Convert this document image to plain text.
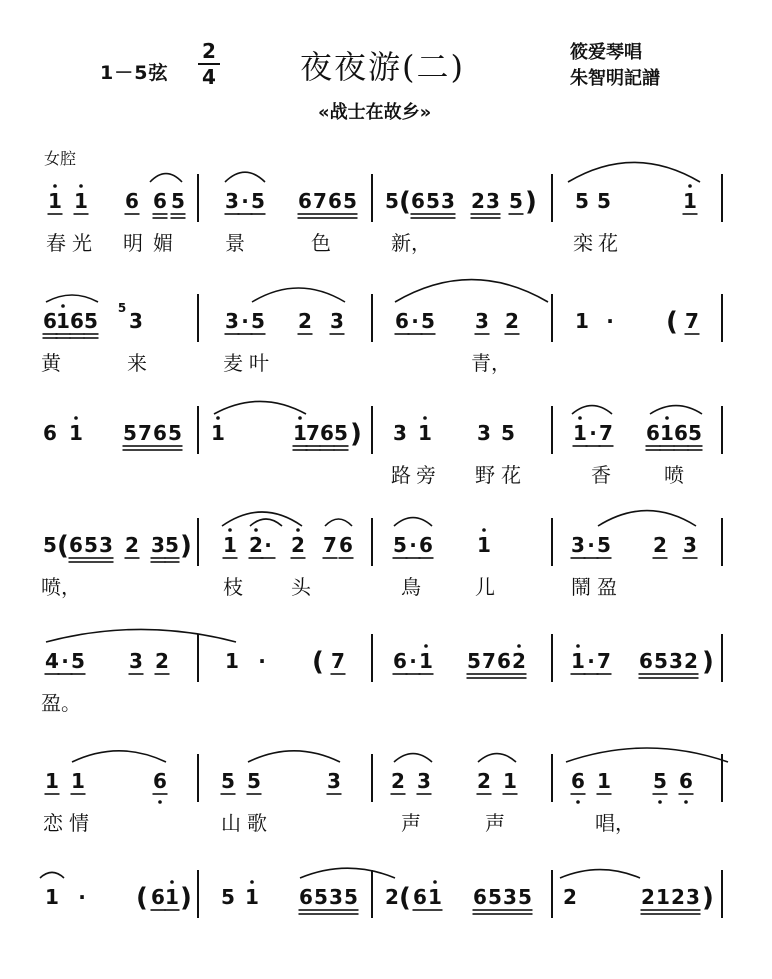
1－5弦
2
4	夜夜游(二)	筱爱琴唱
朱智明記譜
«战士在故乡»
女腔
1 1 6 6 5 3 · 5 6 7 6 5 5 ( 6 5 3 2 3 5 ) 5 5	1
春 光 明 媚	景	色	新，	栾 花
6 1 6 5
5
3	3 · 5 2 3	6 · 5 3 2	1 · ( 7
黄	来	麦 叶	青，
6 1 5 7 6 5 1	1 7 6 5 ) 3 1 3 5	1 · 7 6 1 6 5
路 旁 野 花	香	喷
5 ( 6 5 3 2 3 5 ) 1 2 · 2 7 6 5 · 6 1	3 · 5 2 3
喷，	枝 头	鳥	儿	鬧 盈
4 · 5 3 2	1 · ( 7 6 · 1 5 7 6 2 1 · 7 6 5 3 2 )
盈。
1 1	6	5 5	3	2 3 2 1	6 1 5 6
恋 情	山 歌	声	声	唱，
1 · ( 6 1 ) 5 1 6 5 3 5 2 ( 6 1 6 5 3 5 2	2 1 2 3 )
